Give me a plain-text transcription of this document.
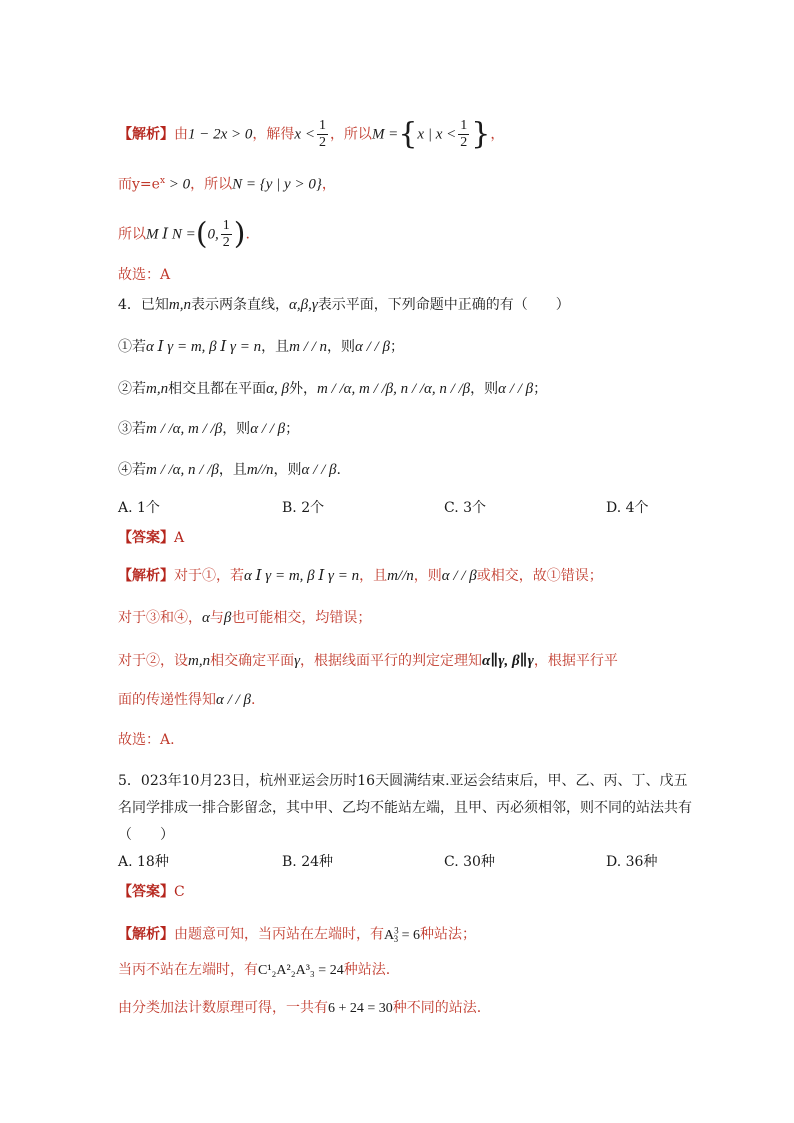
【解析】由1 − 2x > 0，解得$x < \frac{1}{2}$ ，所以M ={x | $x < \frac{1}{2}$ }，
而$y=e^x > 0$，所以N = {y | y > 0}，
所以M Ⅰ N =(0, $\frac{1}{2}$ ).
故选：A
4．已知m,n表示两条直线，α,β,γ表示平面，下列命题中正确的有（　　）
①若α Ⅰ γ = m, β Ⅰ γ = n，且m / / n，则α / / β；
②若m,n相交且都在平面α, β外，m / /α, m / /β, n / /α, n / /β，则α / / β；
③若m / /α, m / /β，则α / / β；
④若m / /α, n / /β，且m//n，则α / / β.
A. 1个	B. 2个	C. 3个	D. 4个
【答案】A
【解析】对于①，若α Ⅰ γ = m, β Ⅰ γ = n，且m//n，则α / / β或相交，故①错误；
对于③和④，α与β也可能相交，均错误；
对于②，设m,n相交确定平面γ，根据线面平行的判定定理知α∥γ, β∥γ，根据平行平
面的传递性得知α / / β.
故选：A.
5．023年10月23日，杭州亚运会历时16天圆满结束.亚运会结束后，甲、乙、丙、丁、戊五
名同学排成一排合影留念，其中甲、乙均不能站左端，且甲、丙必须相邻，则不同的站法共有
（　　）
A. 18种	B. 24种	C. 30种	D. 36种
【答案】C
【解析】由题意可知，当丙站在左端时，有$A^3_3 = 6$种站法；
当丙不站在左端时，有C¹₂A²₂A³₃ = 24种站法.
由分类加法计数原理可得，一共有6 + 24 = 30种不同的站法.
